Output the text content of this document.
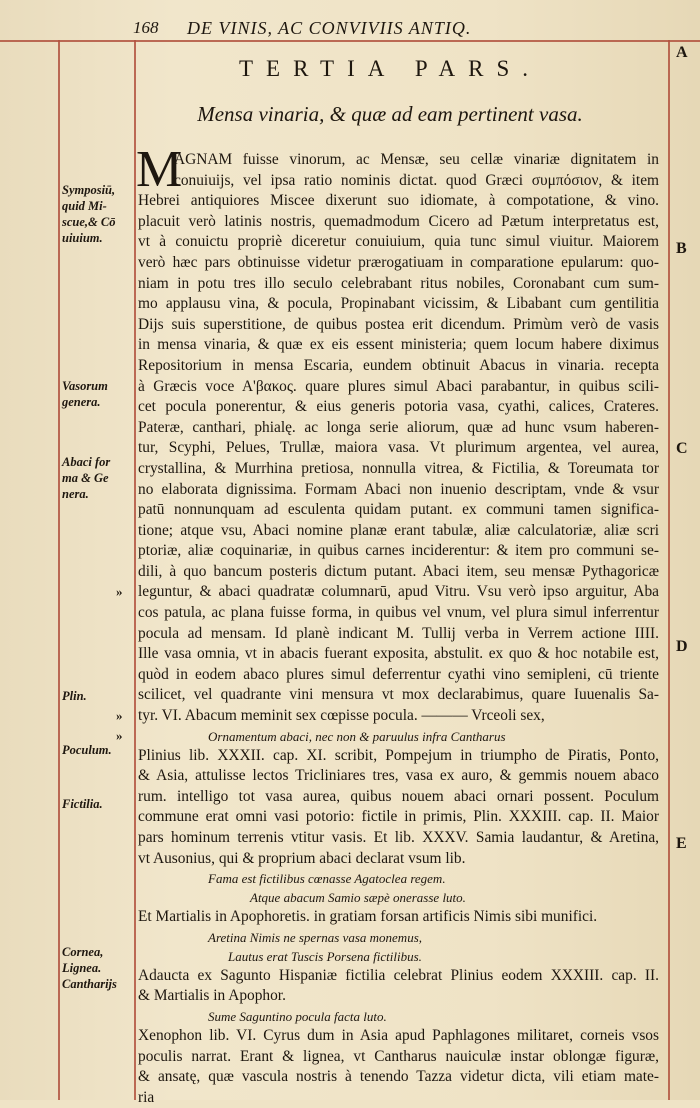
168 DE VINIS, AC CONVIVIIS ANTIQ.
TERTIA PARS.
Mensa vinaria, & quæ ad eam pertinent vasa.
A
B
C
D
E
Symposiū, quid Mi- scue,& Cō uiuium.
Vasorum genera.
Abaci for ma & Ge nera.
»
Plin.
»
»
Poculum.
Fictilia.
Cornea, Lignea. Cantharijs
M
AGNAM fuisse vinorum, ac Mensæ, seu cellæ vinariæ dignitatem in
conuiuijs, vel ipsa ratio nominis dictat. quod Græci συμπόσιον, & item
Hebrei antiquiores Miscee dixerunt suo idiomate, à compotatione, & vino.
placuit verò latinis nostris, quemadmodum Cicero ad Pætum interpretatus est,
vt à conuictu propriè diceretur conuiuium, quia tunc simul viuitur. Maiorem
verò hæc pars obtinuisse videtur prærogatiuam in comparatione epularum: quo-
niam in potu tres illo seculo celebrabant ritus nobiles, Coronabant cum sum-
mo applausu vina, & pocula, Propinabant vicissim, & Libabant cum gentilitia
Dijs suis superstitione, de quibus postea erit dicendum. Primùm verò de vasis
in mensa vinaria, & quæ ex eis essent ministeria; quem locum habere diximus
Repositorium in mensa Escaria, eundem obtinuit Abacus in vinaria. recepta
à Græcis voce A'βακος. quare plures simul Abaci parabantur, in quibus scili-
cet pocula ponerentur, & eius generis potoria vasa, cyathi, calices, Crateres.
Pateræ, canthari, phialę. ac longa serie aliorum, quæ ad hunc vsum haberen-
tur, Scyphi, Pelues, Trullæ, maiora vasa. Vt plurimum argentea, vel aurea,
crystallina, & Murrhina pretiosa, nonnulla vitrea, & Fictilia, & Toreumata tor
no elaborata dignissima. Formam Abaci non inuenio descriptam, vnde & vsur
patū nonnunquam ad esculenta quidam putant. ex communi tamen significa-
tione; atque vsu, Abaci nomine planæ erant tabulæ, aliæ calculatoriæ, aliæ scri
ptoriæ, aliæ coquinariæ, in quibus carnes inciderentur: & item pro communi se-
dili, à quo bancum posteris dictum putant. Abaci item, seu mensæ Pythagoricæ
leguntur, & abaci quadratæ columnarū, apud Vitru. Vsu verò ipso arguitur, Aba
cos patula, ac plana fuisse forma, in quibus vel vnum, vel plura simul inferrentur
pocula ad mensam. Id planè indicant M. Tullij verba in Verrem actione IIII.
Ille vasa omnia, vt in abacis fuerant exposita, abstulit. ex quo & hoc notabile est,
quòd in eodem abaco plures simul deferrentur cyathi vino semipleni, cū triente
scilicet, vel quadrante vini mensura vt mox declarabimus, quare Iuuenalis Sa-
tyr. VI. Abacum meminit sex cœpisse pocula. ——— Vrceoli sex,
Ornamentum abaci, nec non & paruulus infra Cantharus
Plinius lib. XXXII. cap. XI. scribit, Pompejum in triumpho de Piratis, Ponto,
& Asia, attulisse lectos Tricliniares tres, vasa ex auro, & gemmis nouem abaco
rum. intelligo tot vasa aurea, quibus nouem abaci ornari possent. Poculum
commune erat omni vasi potorio: fictile in primis, Plin. XXXIII. cap. II. Maior
pars hominum terrenis vtitur vasis. Et lib. XXXV. Samia laudantur, & Aretina,
vt Ausonius, qui & proprium abaci declarat vsum lib.
Fama est fictilibus cœnasse Agatoclea regem.
Atque abacum Samio sæpè onerasse luto.
Et Martialis in Apophoretis. in gratiam forsan artificis Nimis sibi munifici.
Aretina Nimis ne spernas vasa monemus,
Lautus erat Tuscis Porsena fictilibus.
Adaucta ex Sagunto Hispaniæ fictilia celebrat Plinius eodem XXXIII. cap. II.
& Martialis in Apophor.
Sume Saguntino pocula facta luto.
Xenophon lib. VI. Cyrus dum in Asia apud Paphlagones militaret, corneis vsos
poculis narrat. Erant & lignea, vt Cantharus nauiculæ instar oblongæ figuræ,
& ansatę, quæ vascula nostris à tenendo Tazza videtur dicta, vili etiam mate-
ria
